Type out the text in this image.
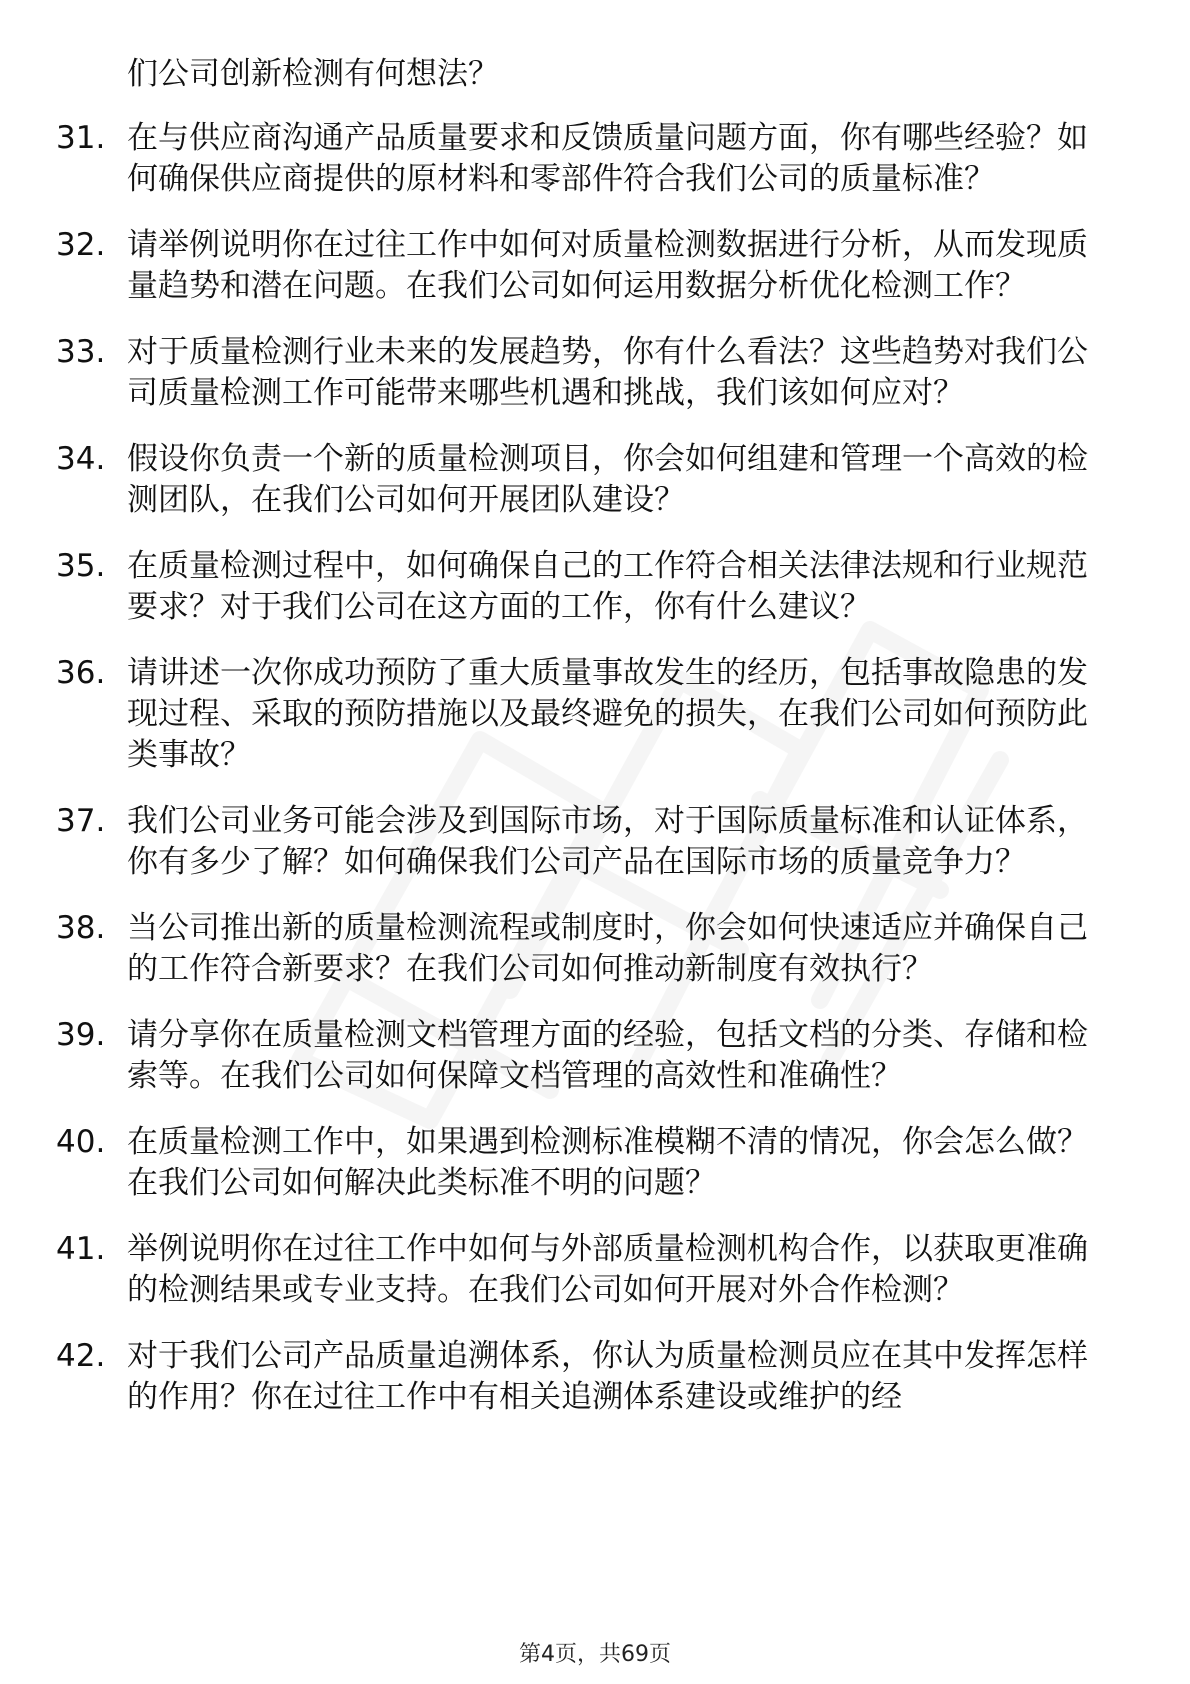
们公司创新检测有何想法？
31. 在与供应商沟通产品质量要求和反馈质量问题方面，你有哪些经验？如何确保供应商提供的原材料和零部件符合我们公司的质量标准？
32. 请举例说明你在过往工作中如何对质量检测数据进行分析，从而发现质量趋势和潜在问题。在我们公司如何运用数据分析优化检测工作？
33. 对于质量检测行业未来的发展趋势，你有什么看法？这些趋势对我们公司质量检测工作可能带来哪些机遇和挑战，我们该如何应对？
34. 假设你负责一个新的质量检测项目，你会如何组建和管理一个高效的检测团队，在我们公司如何开展团队建设？
35. 在质量检测过程中，如何确保自己的工作符合相关法律法规和行业规范要求？对于我们公司在这方面的工作，你有什么建议？
36. 请讲述一次你成功预防了重大质量事故发生的经历，包括事故隐患的发现过程、采取的预防措施以及最终避免的损失，在我们公司如何预防此类事故？
37. 我们公司业务可能会涉及到国际市场，对于国际质量标准和认证体系，你有多少了解？如何确保我们公司产品在国际市场的质量竞争力？
38. 当公司推出新的质量检测流程或制度时，你会如何快速适应并确保自己的工作符合新要求？在我们公司如何推动新制度有效执行？
39. 请分享你在质量检测文档管理方面的经验，包括文档的分类、存储和检索等。在我们公司如何保障文档管理的高效性和准确性？
40. 在质量检测工作中，如果遇到检测标准模糊不清的情况，你会怎么做？在我们公司如何解决此类标准不明的问题？
41. 举例说明你在过往工作中如何与外部质量检测机构合作，以获取更准确的检测结果或专业支持。在我们公司如何开展对外合作检测？
42. 对于我们公司产品质量追溯体系，你认为质量检测员应在其中发挥怎样的作用？你在过往工作中有相关追溯体系建设或维护的经
第4页，共69页
